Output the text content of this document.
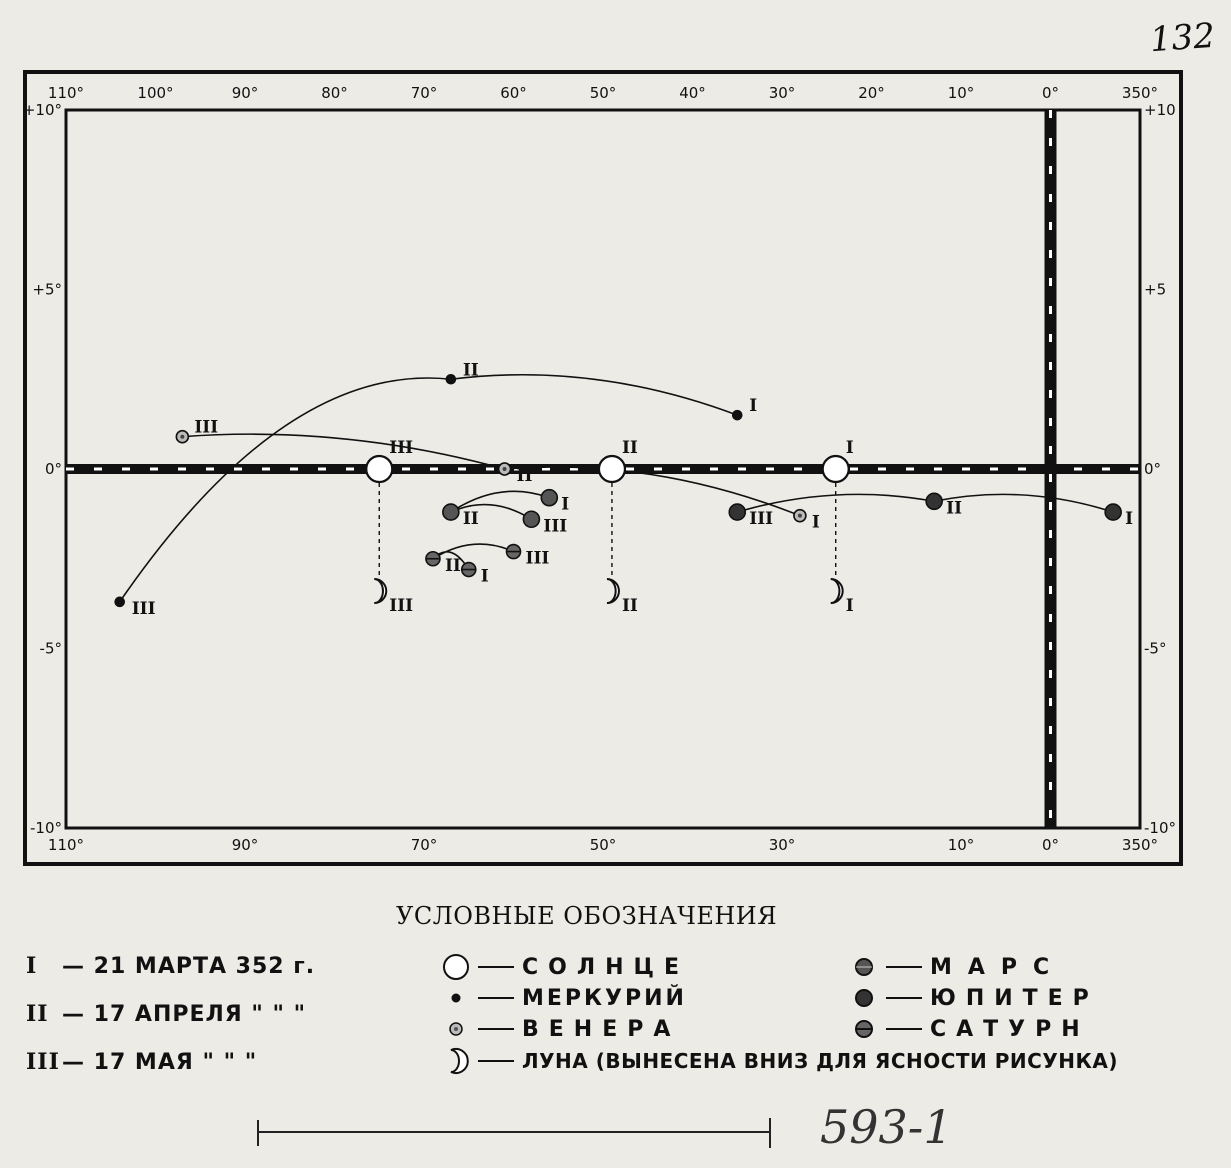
110°	100°	90°	80°	70°	60°	50°	40°	30°	20°	10°	0°	350°
110°	90°	70°	50°	30°	10°	0°	350°
+10°
+5°
0°
-5°
-10°
+10
+5
0°
-5°
-10°
I
II
III
II
III
I
I
II	III	I
II
III
I
II	III
I
I
II
II
III
III
132
УСЛОВНЫЕ ОБОЗНАЧЕНИЯ
I — 21 МАРТА 352 г.
II — 17 АПРЕЛЯ " " "
III— 17 МАЯ " " "
СОЛНЦЕ
МЕРКУРИЙ
ВЕНЕРА
ЛУНА (ВЫНЕСЕНА ВНИЗ ДЛЯ ЯСНОСТИ РИСУНКА)
МАРС
ЮПИТЕР
САТУРН
593-1
